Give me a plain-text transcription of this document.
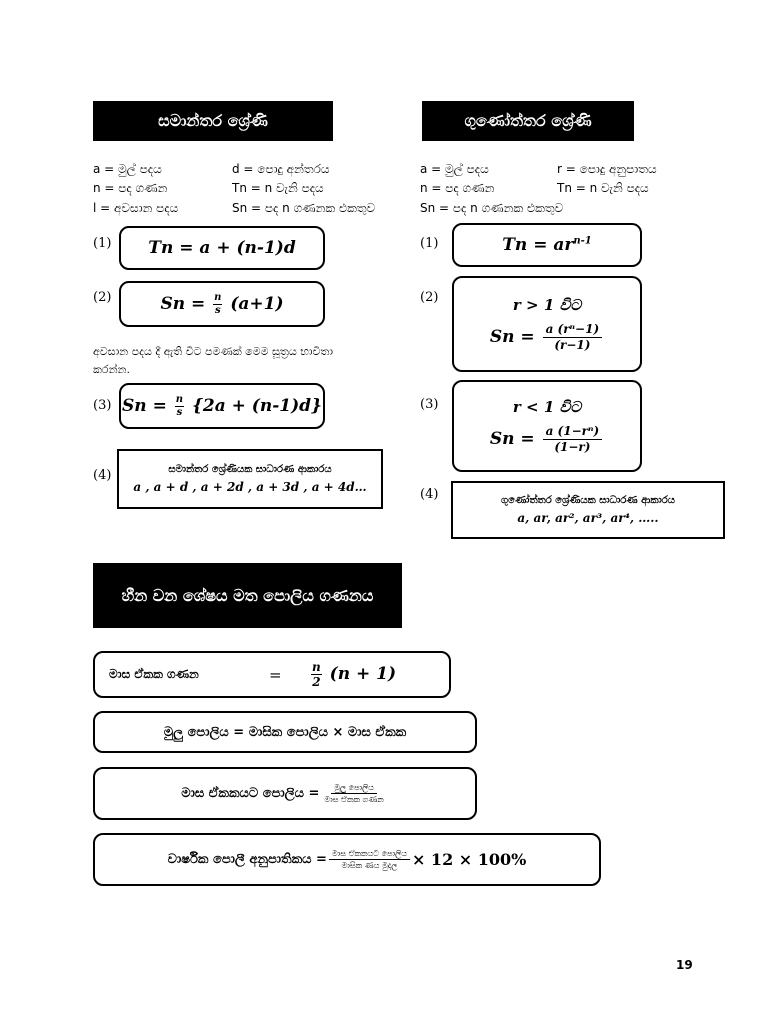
සමාන්තර ශ්‍රේණි	ගුණෝත්තර ශ්‍රේණි
a = මුල් පදය	d = පොදු අන්තරය
n = පද ගණන	Tn = n වැනි පදය
l = අවසාන පදය	Sn = පද n ගණනක එකතුව
a = මුල් පදය	r = පොදු අනුපාතය
n = පද ගණන	Tn = n වැනි පදය
Sn = පද n ගණනක එකතුව
(1)
(2)
(3)
(4)
Tn = a + (n-1)d
$Sn = \frac{n}{s} (a+1)$
අවසාන පදය දී ඇති විට පමණක් මෙම සූත්‍රය භාවිතා කරන්න.
$Sn = \frac{n}{s} \{2a + (n-1)d\}$
සමාන්තර ශ්‍රේණියක සාධාරණ ආකාරය
a , a + d , a + 2d , a + 3d , a + 4d…
(1)
(2)
(3)
(4)
$Tn = ar^{n-1}$
r > 1 විට
$Sn = \frac{\text{a (rⁿ−1)}}{(r-1)}$
r < 1 විට
$Sn = \frac{\text{a (1−rⁿ)}}{(1-r)}$
ගුණෝත්තර ශ්‍රේණියක සාධාරණ ආකාරය
a, ar, ar², ar³, ar⁴, …..
හීන වන ශේෂය මත පොලිය ගණනය
මාස ඒකක ගණන	=	$\frac{n}{2} (n + 1)$
මුලු පොලිය = මාසික පොලිය × මාස ඒකක
මාස ඒකකයට පොලිය = $\frac{\text{මුලු පොලිය}}{\text{මාස ඒකක ගණන}}$
වාර්ෂික පොලී අනුපාතිකය = $\frac{\text{මාස ඒකකයට පොලිය}}{\text{මාසික ණය මුදල}} \times 12 \times 100\%$
19
